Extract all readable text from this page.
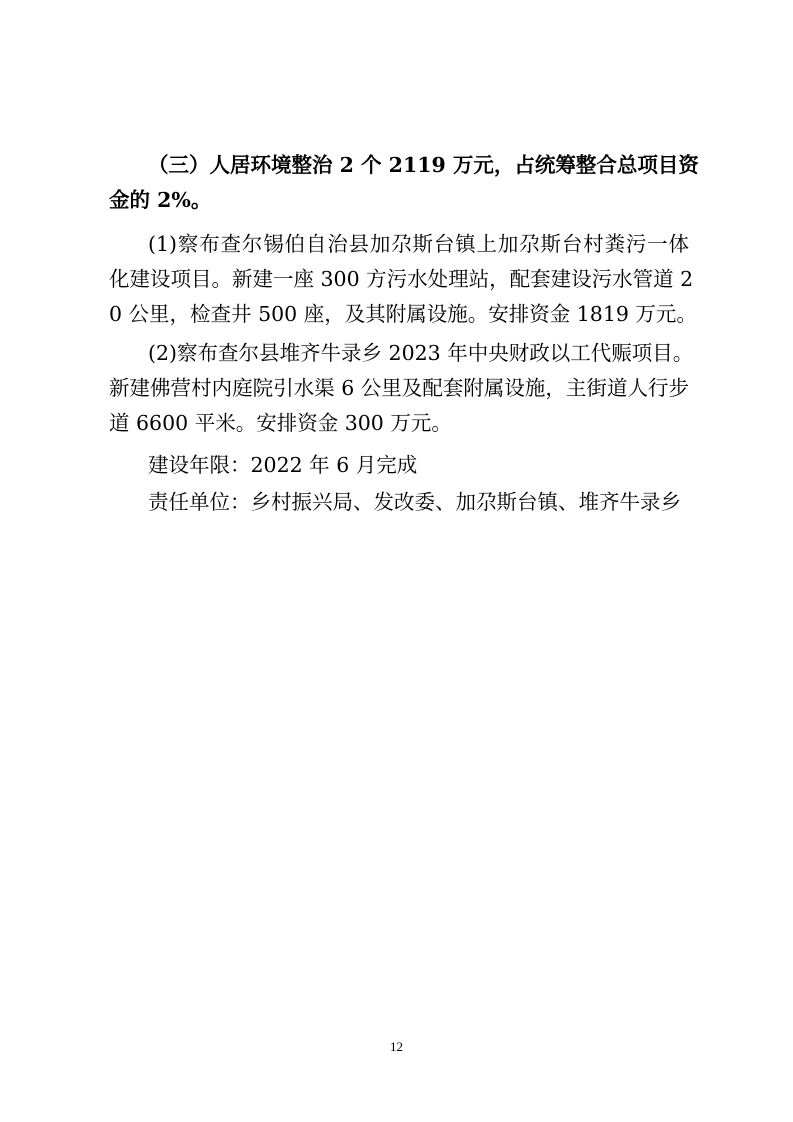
（三）人居环境整治 2 个 2119 万元，占统筹整合总项目资
金的 2%。
(1)察布查尔锡伯自治县加尕斯台镇上加尕斯台村粪污一体
化建设项目。新建一座 300 方污水处理站，配套建设污水管道 2
0 公里，检查井 500 座，及其附属设施。安排资金 1819 万元。
(2)察布查尔县堆齐牛录乡 2023 年中央财政以工代赈项目。
新建佛营村内庭院引水渠 6 公里及配套附属设施，主街道人行步
道 6600 平米。安排资金 300 万元。
建设年限：2022 年 6 月完成
责任单位：乡村振兴局、发改委、加尕斯台镇、堆齐牛录乡
12
